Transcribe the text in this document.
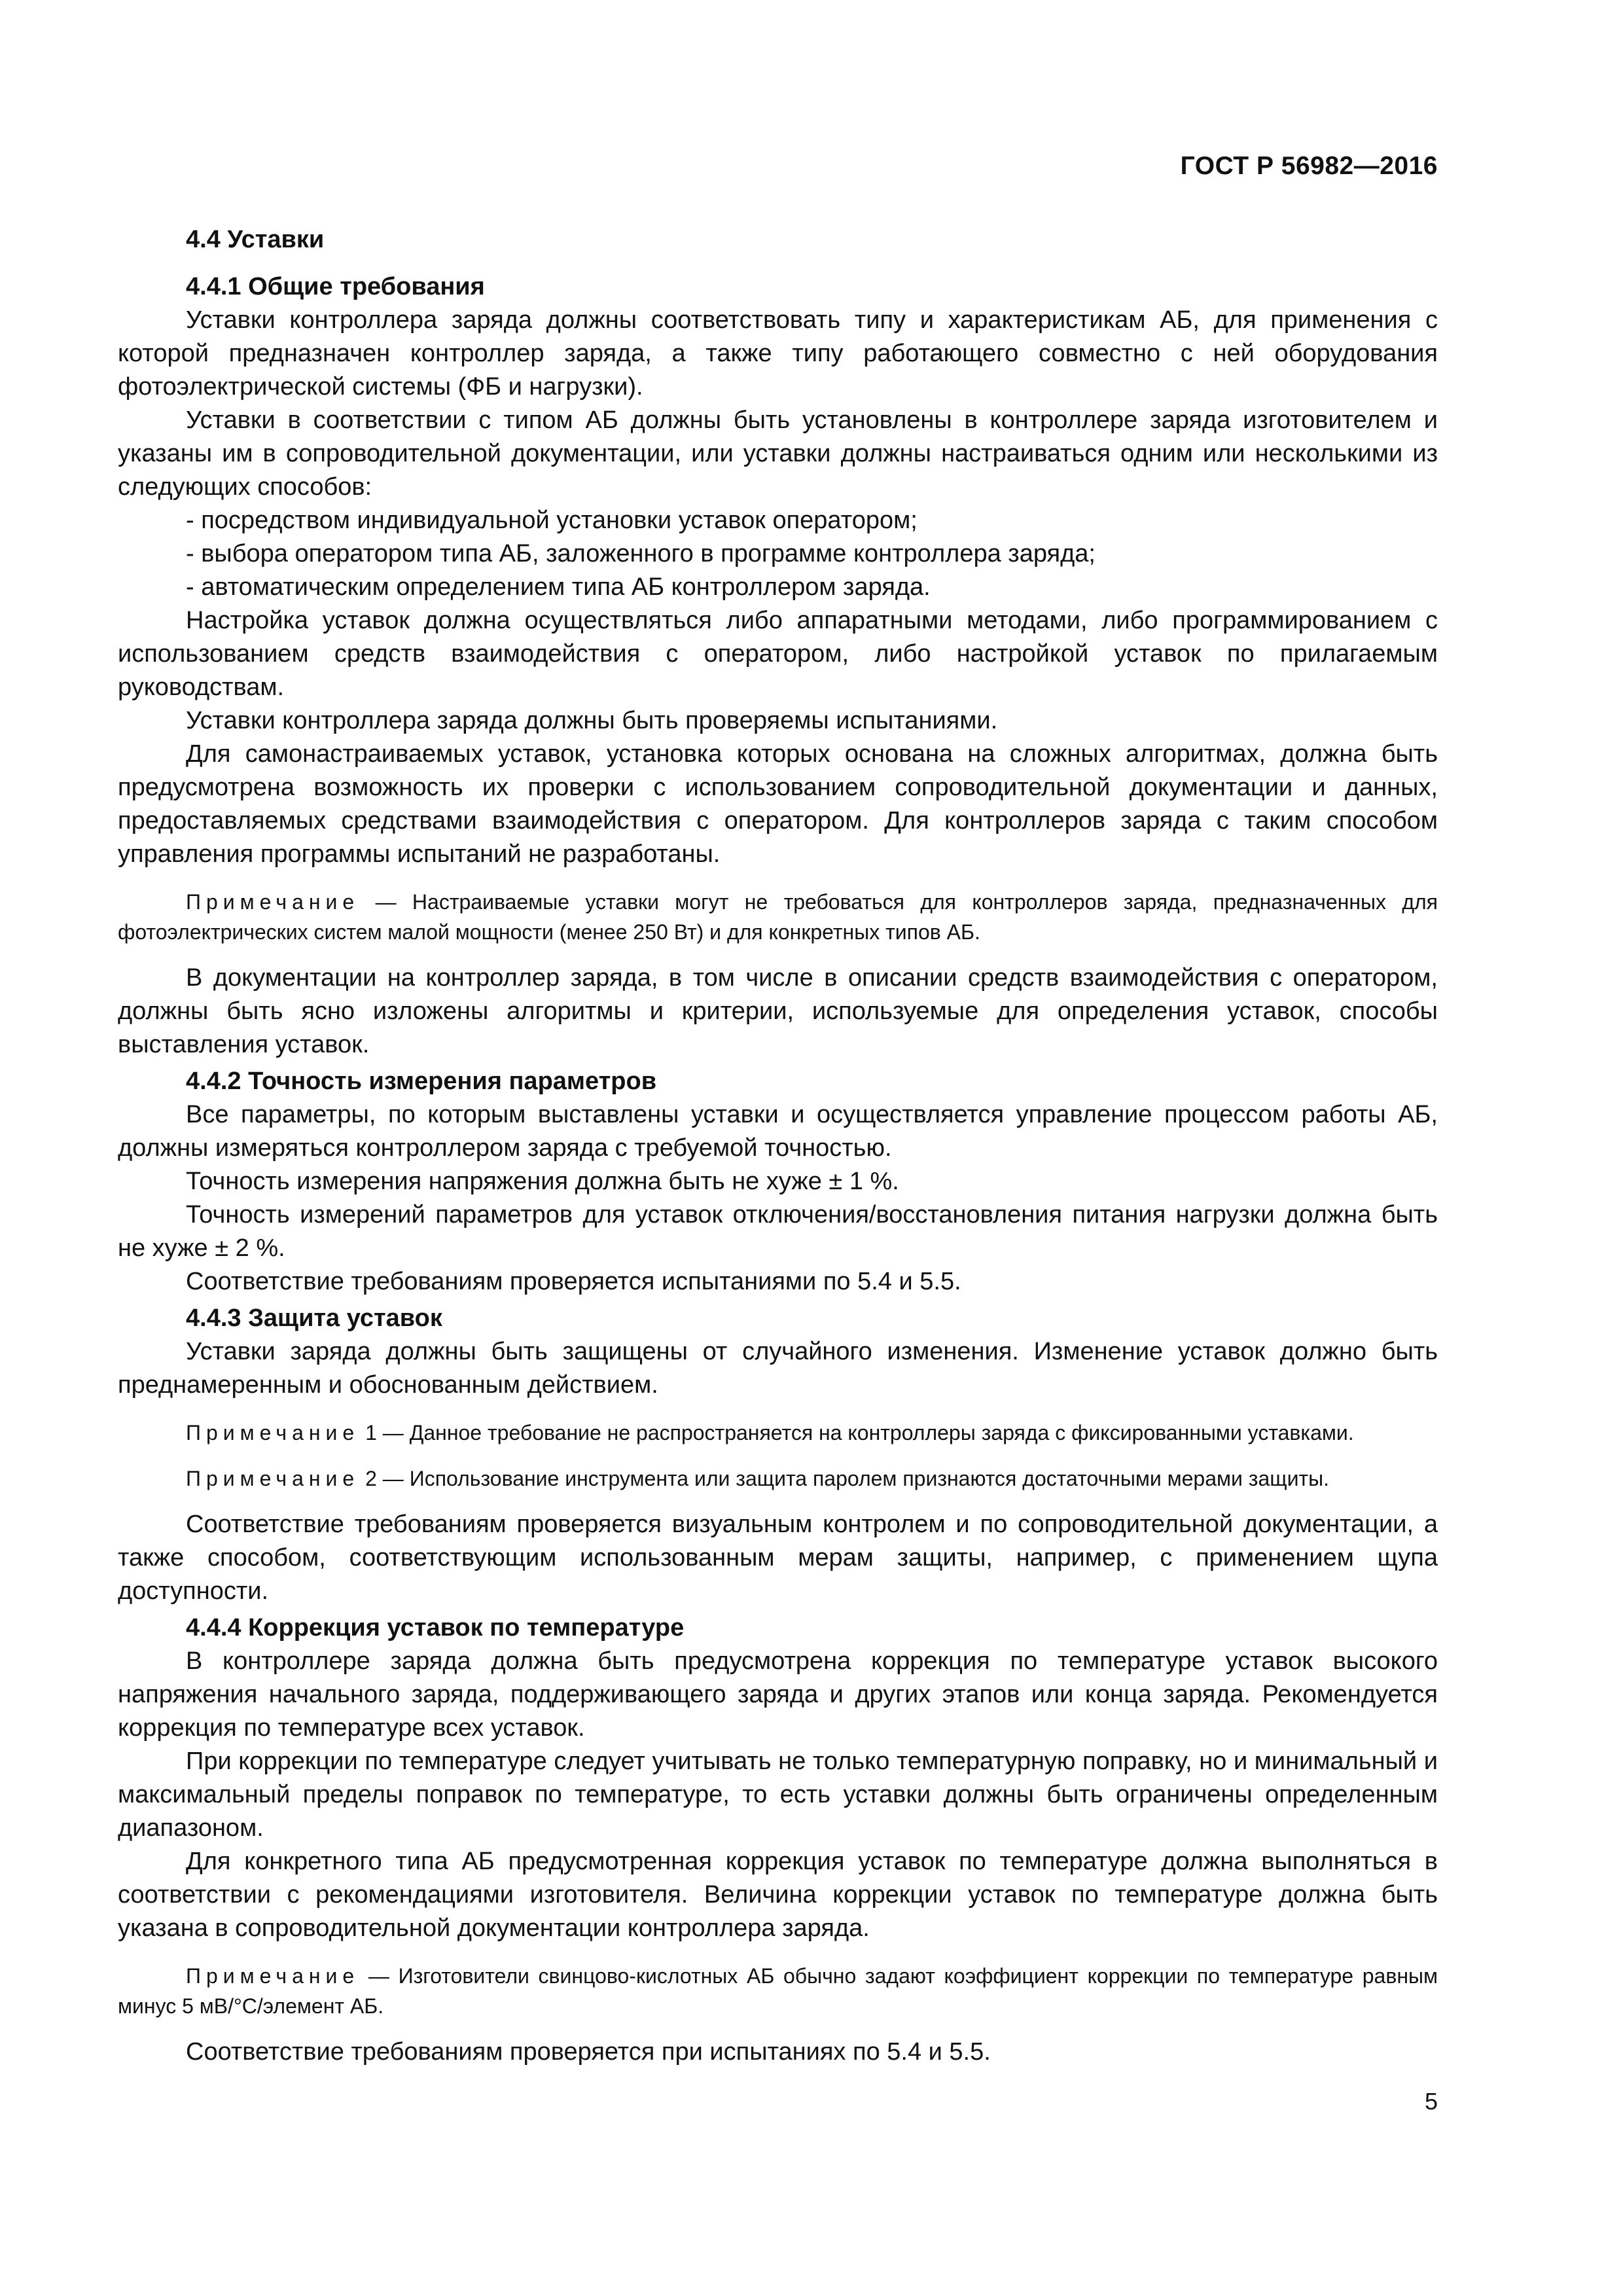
ГОСТ Р 56982—2016
4.4 Уставки
4.4.1 Общие требования

Уставки контроллера заряда должны соответствовать типу и характеристикам АБ, для применения с которой предназначен контроллер заряда, а также типу работающего совместно с ней оборудования фотоэлектрической системы (ФБ и нагрузки).

Уставки в соответствии с типом АБ должны быть установлены в контроллере заряда изготовителем и указаны им в сопроводительной документации, или уставки должны настраиваться одним или несколькими из следующих способов:

- посредством индивидуальной установки уставок оператором;
- выбора оператором типа АБ, заложенного в программе контроллера заряда;
- автоматическим определением типа АБ контроллером заряда.

Настройка уставок должна осуществляться либо аппаратными методами, либо программированием с использованием средств взаимодействия с оператором, либо настройкой уставок по прилагаемым руководствам.

Уставки контроллера заряда должны быть проверяемы испытаниями.

Для самонастраиваемых уставок, установка которых основана на сложных алгоритмах, должна быть предусмотрена возможность их проверки с использованием сопроводительной документации и данных, предоставляемых средствами взаимодействия с оператором. Для контроллеров заряда с таким способом управления программы испытаний не разработаны.

Примечание — Настраиваемые уставки могут не требоваться для контроллеров заряда, предназначенных для фотоэлектрических систем малой мощности (менее 250 Вт) и для конкретных типов АБ.

В документации на контроллер заряда, в том числе в описании средств взаимодействия с оператором, должны быть ясно изложены алгоритмы и критерии, используемые для определения уставок, способы выставления уставок.

4.4.2 Точность измерения параметров

Все параметры, по которым выставлены уставки и осуществляется управление процессом работы АБ, должны измеряться контроллером заряда с требуемой точностью.

Точность измерения напряжения должна быть не хуже ± 1 %.

Точность измерений параметров для уставок отключения/восстановления питания нагрузки должна быть не хуже ± 2 %.

Соответствие требованиям проверяется испытаниями по 5.4 и 5.5.

4.4.3 Защита уставок

Уставки заряда должны быть защищены от случайного изменения. Изменение уставок должно быть преднамеренным и обоснованным действием.

Примечание 1 — Данное требование не распространяется на контроллеры заряда с фиксированными уставками.
Примечание 2 — Использование инструмента или защита паролем признаются достаточными мерами защиты.

Соответствие требованиям проверяется визуальным контролем и по сопроводительной документации, а также способом, соответствующим использованным мерам защиты, например, с применением щупа доступности.

4.4.4 Коррекция уставок по температуре

В контроллере заряда должна быть предусмотрена коррекция по температуре уставок высокого напряжения начального заряда, поддерживающего заряда и других этапов или конца заряда. Рекомендуется коррекция по температуре всех уставок.

При коррекции по температуре следует учитывать не только температурную поправку, но и минимальный и максимальный пределы поправок по температуре, то есть уставки должны быть ограничены определенным диапазоном.

Для конкретного типа АБ предусмотренная коррекция уставок по температуре должна выполняться в соответствии с рекомендациями изготовителя. Величина коррекции уставок по температуре должна быть указана в сопроводительной документации контроллера заряда.

Примечание — Изготовители свинцово-кислотных АБ обычно задают коэффициент коррекции по температуре равным минус 5 мВ/°С/элемент АБ.

Соответствие требованиям проверяется при испытаниях по 5.4 и 5.5.

5
